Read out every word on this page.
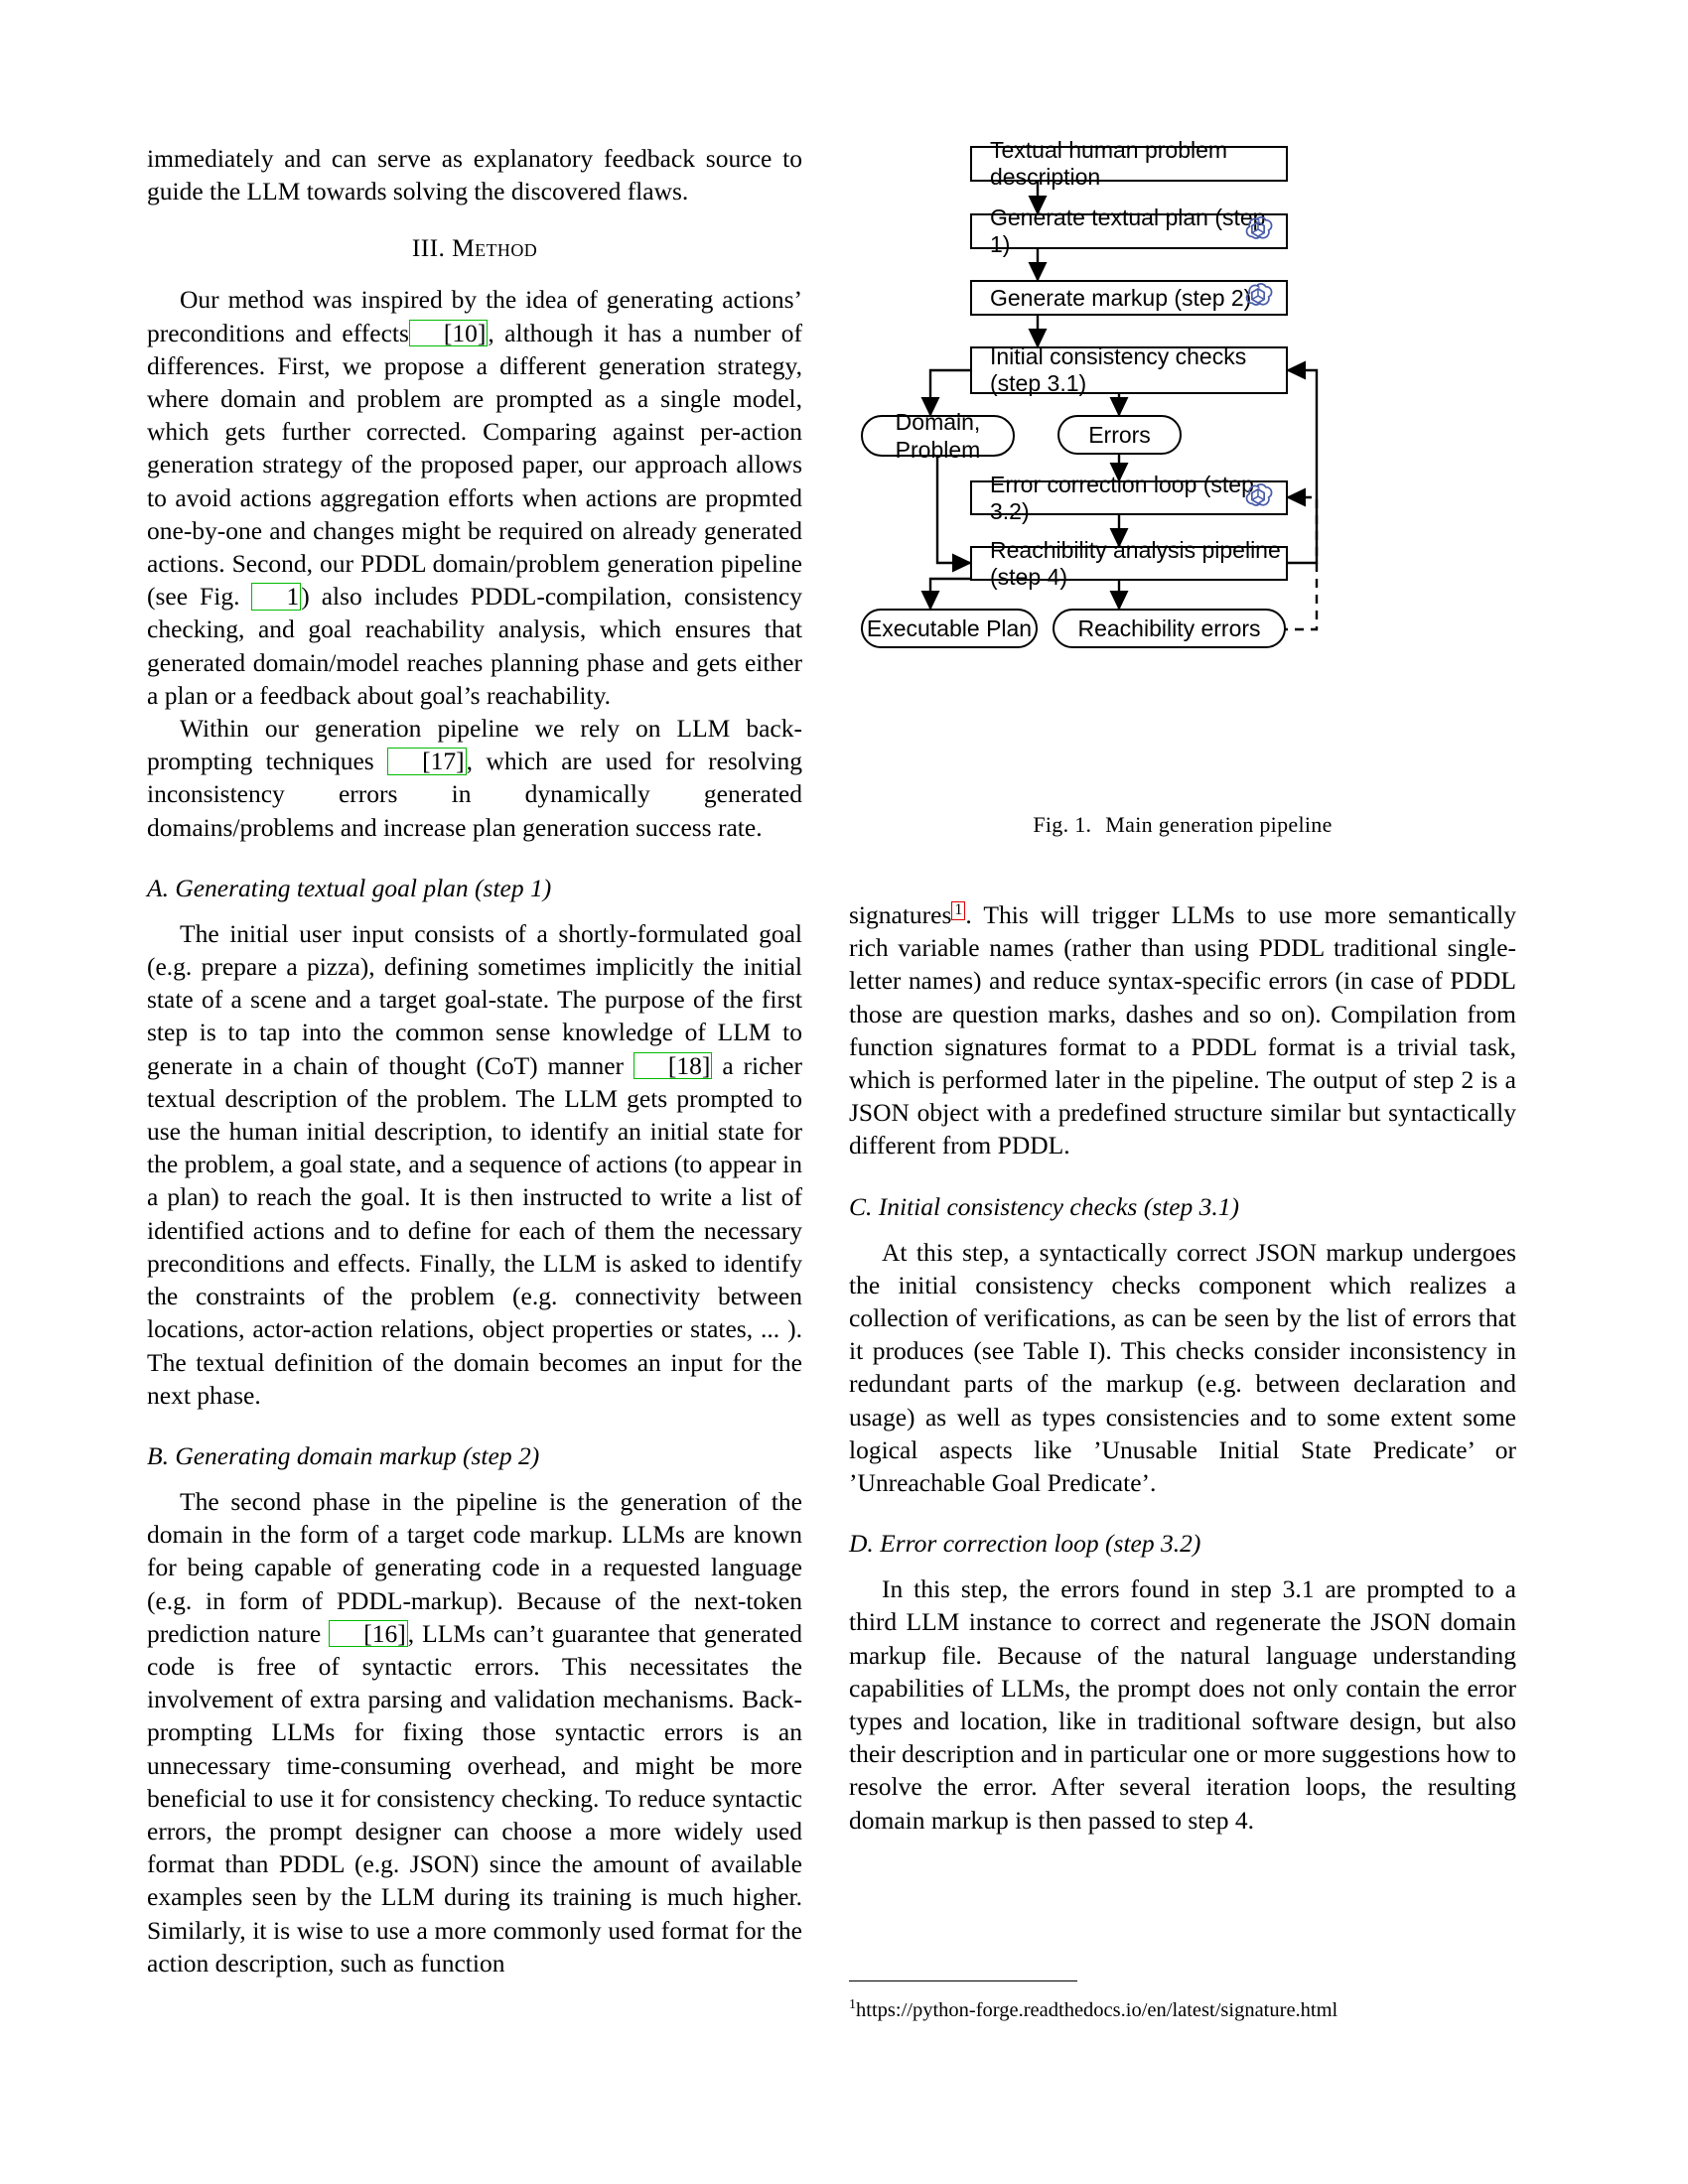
immediately and can serve as explanatory feedback source to guide the LLM towards solving the discovered flaws.

III. Method

Our method was inspired by the idea of generating actions’ preconditions and effects [10], although it has a number of differences. First, we propose a different generation strategy, where domain and problem are prompted as a single model, which gets further corrected. Comparing against per-action generation strategy of the proposed paper, our approach allows to avoid actions aggregation efforts when actions are propmted one-by-one and changes might be required on already generated actions. Second, our PDDL domain/problem generation pipeline (see Fig. 1) also includes PDDL-compilation, consistency checking, and goal reachability analysis, which ensures that generated domain/model reaches planning phase and gets either a plan or a feedback about goal’s reachability.

Within our generation pipeline we rely on LLM back-prompting techniques [17], which are used for resolving inconsistency errors in dynamically generated domains/problems and increase plan generation success rate.

A. Generating textual goal plan (step 1)

The initial user input consists of a shortly-formulated goal (e.g. prepare a pizza), defining sometimes implicitly the initial state of a scene and a target goal-state. The purpose of the first step is to tap into the common sense knowledge of LLM to generate in a chain of thought (CoT) manner [18] a richer textual description of the problem. The LLM gets prompted to use the human initial description, to identify an initial state for the problem, a goal state, and a sequence of actions (to appear in a plan) to reach the goal. It is then instructed to write a list of identified actions and to define for each of them the necessary preconditions and effects. Finally, the LLM is asked to identify the constraints of the problem (e.g. connectivity between locations, actor-action relations, object properties or states, ... ). The textual definition of the domain becomes an input for the next phase.

B. Generating domain markup (step 2)

The second phase in the pipeline is the generation of the domain in the form of a target code markup. LLMs are known for being capable of generating code in a requested language (e.g. in form of PDDL-markup). Because of the next-token prediction nature [16], LLMs can’t guarantee that generated code is free of syntactic errors. This necessitates the involvement of extra parsing and validation mechanisms. Back-prompting LLMs for fixing those syntactic errors is an unnecessary time-consuming overhead, and might be more beneficial to use it for consistency checking. To reduce syntactic errors, the prompt designer can choose a more widely used format than PDDL (e.g. JSON) since the amount of available examples seen by the LLM during its training is much higher. Similarly, it is wise to use a more commonly used format for the action description, such as function

Textual human problem description
Generate textual plan (step 1)
Generate markup (step 2)
Initial consistency checks (step 3.1)
Domain,
Problem
Errors
Error correction loop (step 3.2)
Reachibility analysis pipeline (step 4)
Executable Plan Reachibility errors
Fig. 1. Main generation pipeline

signatures 1 . This will trigger LLMs to use more semantically rich variable names (rather than using PDDL traditional single-letter names) and reduce syntax-specific errors (in case of PDDL those are question marks, dashes and so on). Compilation from function signatures format to a PDDL format is a trivial task, which is performed later in the pipeline. The output of step 2 is a JSON object with a predefined structure similar but syntactically different from PDDL.

C. Initial consistency checks (step 3.1)

At this step, a syntactically correct JSON markup undergoes the initial consistency checks component which realizes a collection of verifications, as can be seen by the list of errors that it produces (see Table I). This checks consider inconsistency in redundant parts of the markup (e.g. between declaration and usage) as well as types consistencies and to some extent some logical aspects like ’Unusable Initial State Predicate’ or ’Unreachable Goal Predicate’.

D. Error correction loop (step 3.2)

In this step, the errors found in step 3.1 are prompted to a third LLM instance to correct and regenerate the JSON domain markup file. Because of the natural language understanding capabilities of LLMs, the prompt does not only contain the error types and location, like in traditional software design, but also their description and in particular one or more suggestions how to resolve the error. After several iteration loops, the resulting domain markup is then passed to step 4.

$^1$https://python-forge.readthedocs.io/en/latest/signature.html
